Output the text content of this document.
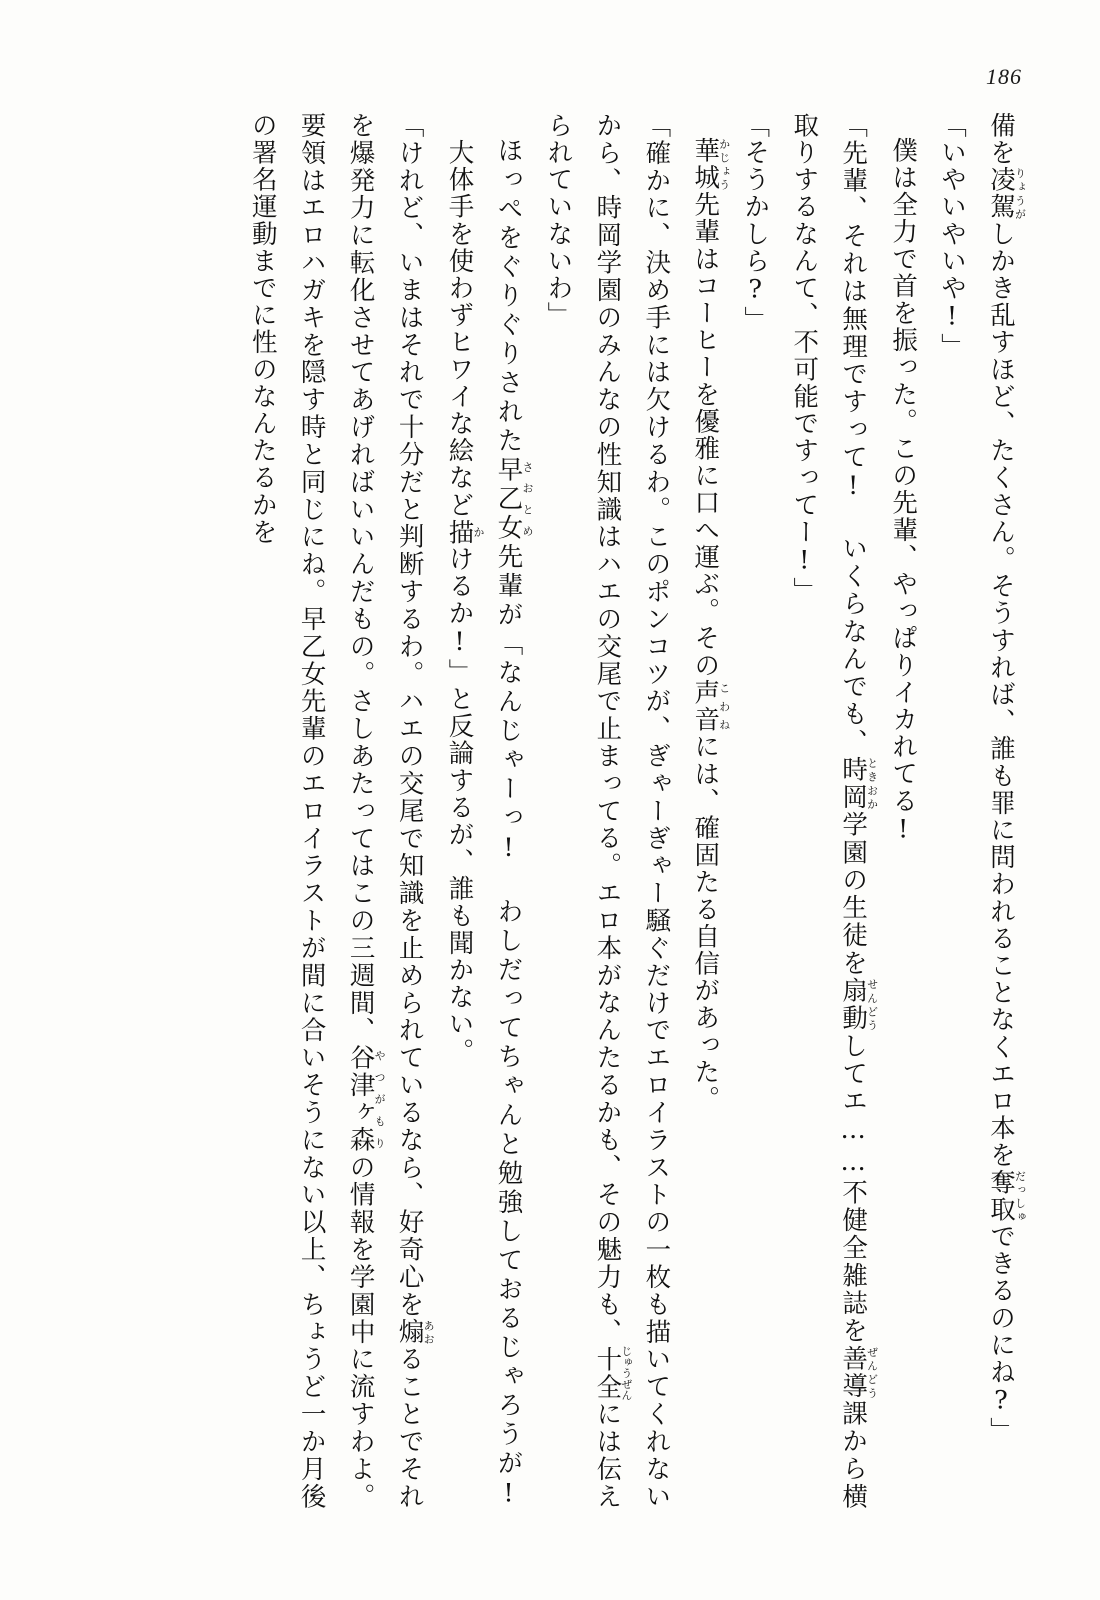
186

備を凌駕りょうがしかき乱すほど、たくさん。そうすれば、誰も罪に問われることなくエロ本を奪取だっしゅできるのにね?」

「いやいやいや!」

僕は全力で首を振った。この先輩、やっぱりイカれてる!

「先輩、それは無理ですって! いくらなんでも、時岡ときおか学園の生徒を扇動せんどうしてエ……不健全雑誌を善導ぜんどう課から横取りするなんて、不可能ですってー!」

「そうかしら?」

華城かじょう先輩はコーヒーを優雅に口へ運ぶ。その声音こわねには、確固たる自信があった。

「確かに、決め手には欠けるわ。このポンコツが、ぎゃーぎゃー騒ぐだけでエロイラストの一枚も描いてくれないから、時岡学園のみんなの性知識はハエの交尾で止まってる。エロ本がなんたるかも、その魅力も、十全じゅうぜんには伝えられていないわ」

ほっぺをぐりぐりされた早乙女さおとめ先輩が「なんじゃーっ! わしだってちゃんと勉強しておるじゃろうが! 　大体手を使わずヒワイな絵など描かけるか!」と反論するが、誰も聞かない。

「けれど、いまはそれで十分だと判断するわ。ハエの交尾で知識を止められているなら、好奇心を煽あおることでそれを爆発力に転化させてあげればいいんだもの。さしあたってはこの三週間、谷津ヶ森やつがもりの情報を学園中に流すわよ。要領はエロハガキを隠す時と同じにね。早乙女先輩のエロイラストが間に合いそうにない以上、ちょうど一か月後の署名運動までに性のなんたるかを
